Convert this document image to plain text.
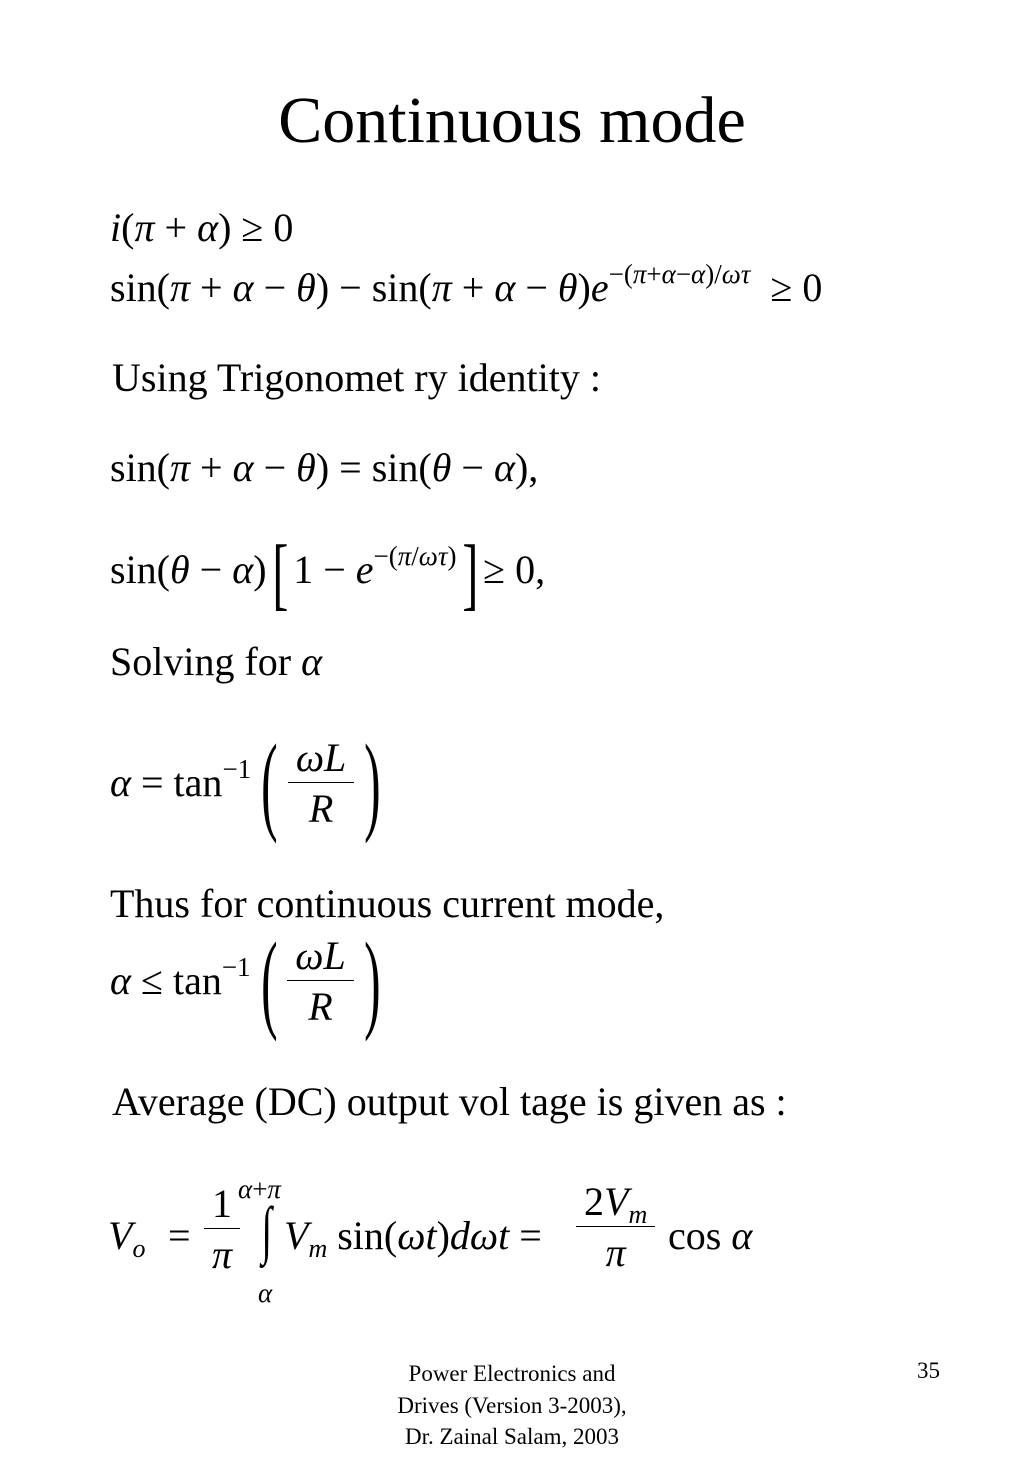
Continuous mode
i(π + α) ≥ 0
$\sin(\pi + \alpha - \theta) - \sin(\pi + \alpha - \theta)e^{-(\pi+\alpha-\alpha)/\omega\tau} \ge 0$
Using Trigonomet ry identity :
sin(π + α − θ) = sin(θ − α),
sin(θ − α)[ $1 - e^{-(\pi/\omega\tau)}] \ge 0$,
Solving for α
$\alpha = \tan^{-1}( \frac{\omega L}{R}$ )
Thus for continuous current mode,
$\alpha \le \tan^{-1}( \frac{\omega L}{R}$ )
Average (DC) output vol tage is given as :
$V_o = \frac{1}{\pi}$
α+π
∫
α
$V_m$ $\sin(\omega t)d\omega t = \frac{2V_m}{\pi}$ cos α
Power Electronics and
Drives (Version 3-2003),
Dr. Zainal Salam, 2003
35
